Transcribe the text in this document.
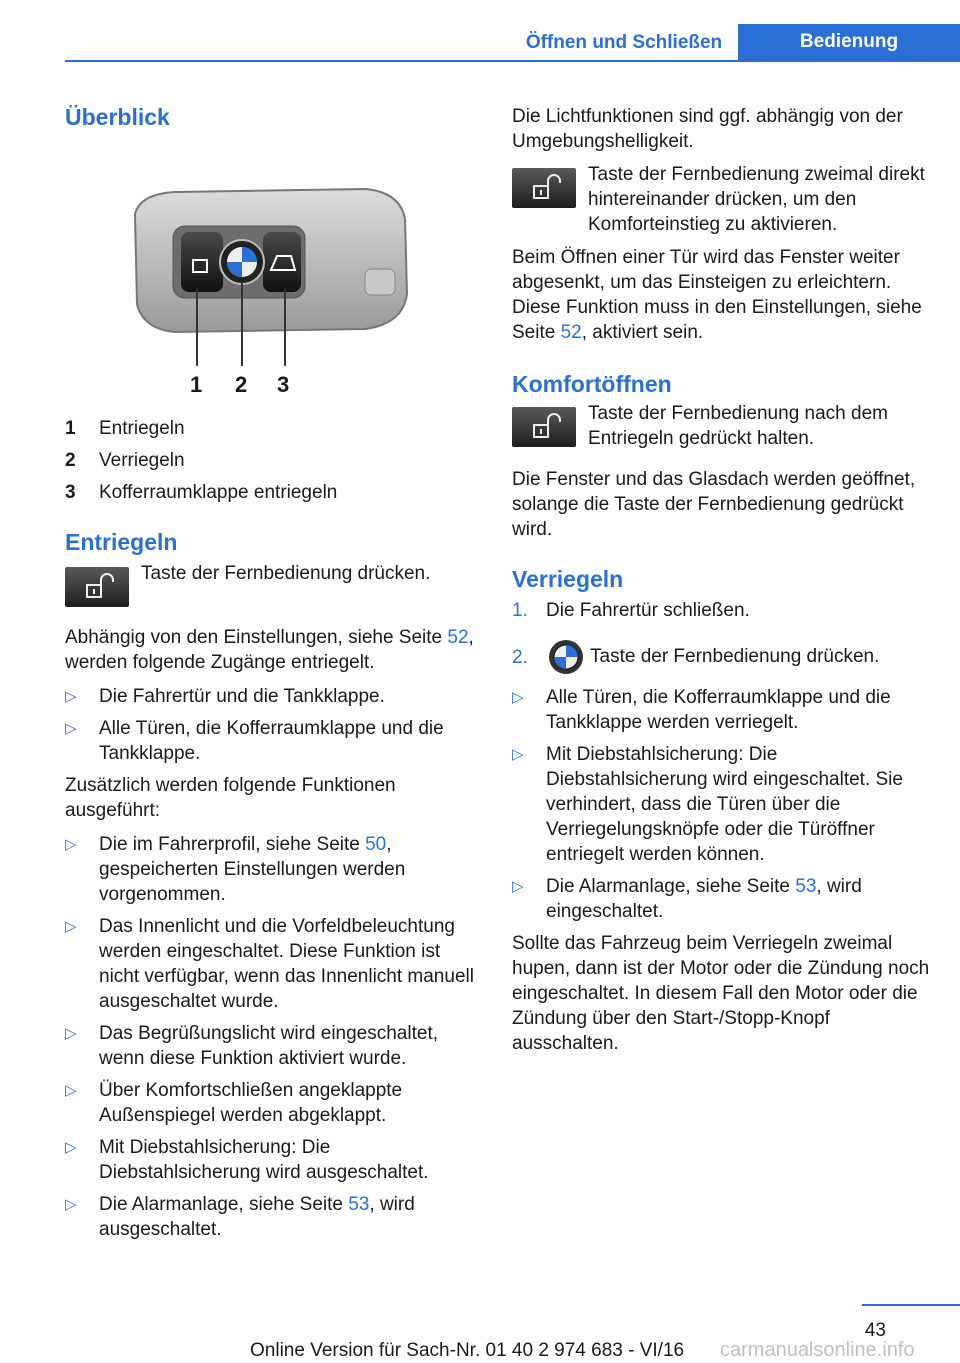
Öffnen und Schließen	Bedienung
Überblick
1 2 3
1 Entriegeln
2 Verriegeln
3 Kofferraumklappe entriegeln
Entriegeln

Taste der Fernbedienung drücken.

Abhängig von den Einstellungen, siehe Seite 52, werden folgende Zugänge entriegelt.

▷ Die Fahrertür und die Tankklappe.
▷ Alle Türen, die Kofferraumklappe und die Tankklappe.

Zusätzlich werden folgende Funktionen ausgeführt:

▷ Die im Fahrerprofil, siehe Seite 50, gespeicherten Einstellungen werden vorgenommen.
▷ Das Innenlicht und die Vorfeldbeleuchtung werden eingeschaltet. Diese Funktion ist nicht verfügbar, wenn das Innenlicht manuell ausgeschaltet wurde.
▷ Das Begrüßungslicht wird eingeschaltet, wenn diese Funktion aktiviert wurde.
▷ Über Komfortschließen angeklappte Außenspiegel werden abgeklappt.
▷ Mit Diebstahlsicherung: Die Diebstahlsicherung wird ausgeschaltet.
▷ Die Alarmanlage, siehe Seite 53, wird ausgeschaltet.

Die Lichtfunktionen sind ggf. abhängig von der Umgebungshelligkeit.

Taste der Fernbedienung zweimal direkt hintereinander drücken, um den Komforteinstieg zu aktivieren.

Beim Öffnen einer Tür wird das Fenster weiter abgesenkt, um das Einsteigen zu erleichtern. Diese Funktion muss in den Einstellungen, siehe Seite 52, aktiviert sein.

Komfortöffnen

Taste der Fernbedienung nach dem Entriegeln gedrückt halten.

Die Fenster und das Glasdach werden geöffnet, solange die Taste der Fernbedienung gedrückt wird.

Verriegeln
1. Die Fahrertür schließen.
2.	Taste der Fernbedienung drücken.
▷ Alle Türen, die Kofferraumklappe und die Tankklappe werden verriegelt.
▷ Mit Diebstahlsicherung: Die Diebstahlsicherung wird eingeschaltet. Sie verhindert, dass die Türen über die Verriegelungsknöpfe oder die Türöffner entriegelt werden können.
▷ Die Alarmanlage, siehe Seite 53, wird eingeschaltet.

Sollte das Fahrzeug beim Verriegeln zweimal hupen, dann ist der Motor oder die Zündung noch eingeschaltet. In diesem Fall den Motor oder die Zündung über den Start-/Stopp-Knopf ausschalten.

43
Online Version für Sach-Nr. 01 40 2 974 683 - VI/16 carmanualsonline.info
